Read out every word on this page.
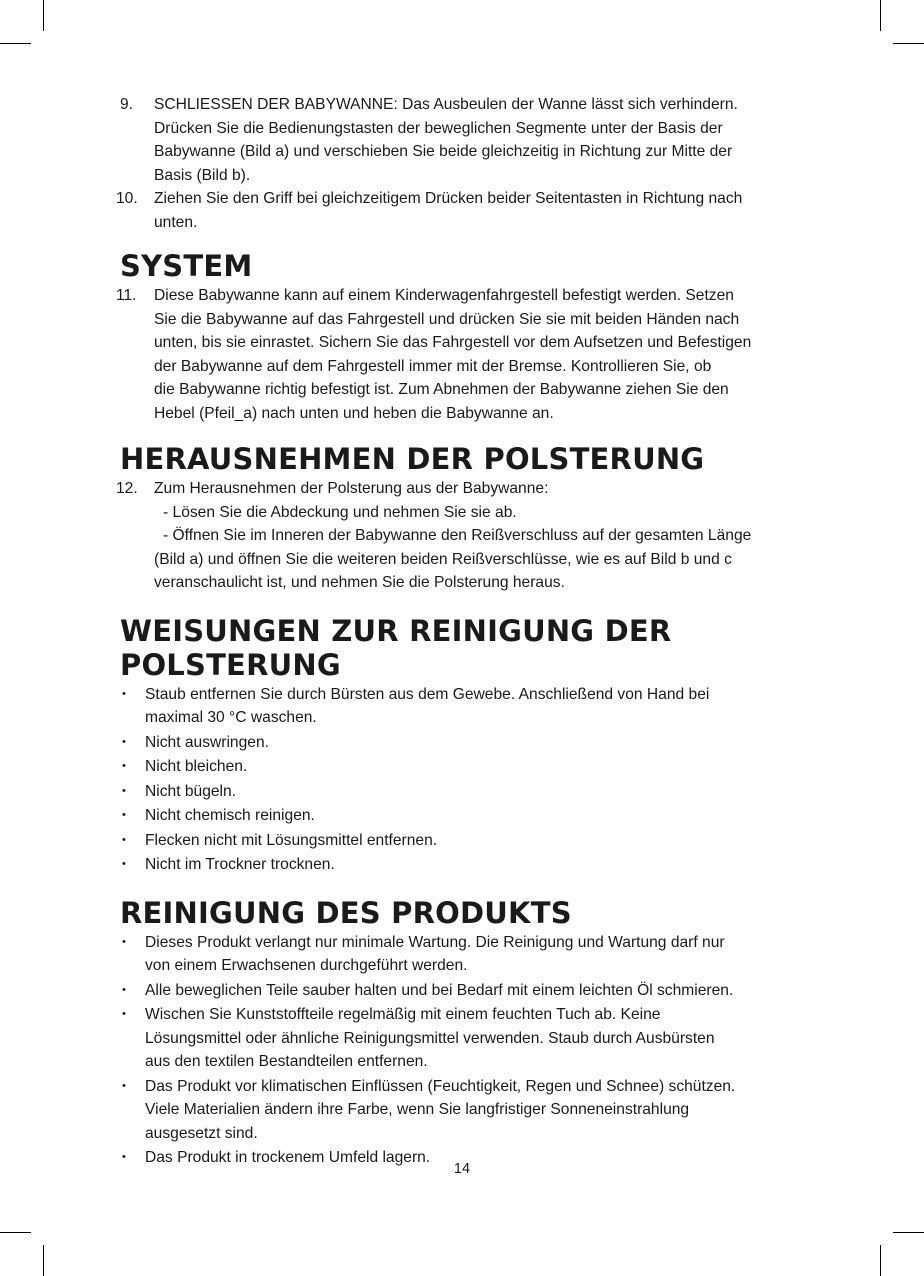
9. SCHLIESSEN DER BABYWANNE: Das Ausbeulen der Wanne lässt sich verhindern.

Drücken Sie die Bedienungstasten der beweglichen Segmente unter der Basis der

Babywanne (Bild a) und verschieben Sie beide gleichzeitig in Richtung zur Mitte der

Basis (Bild b).

10. Ziehen Sie den Griff bei gleichzeitigem Drücken beider Seitentasten in Richtung nach

unten.

SYSTEM
11. Diese Babywanne kann auf einem Kinderwagenfahrgestell befestigt werden. Setzen

Sie die Babywanne auf das Fahrgestell und drücken Sie sie mit beiden Händen nach

unten, bis sie einrastet. Sichern Sie das Fahrgestell vor dem Aufsetzen und Befestigen

der Babywanne auf dem Fahrgestell immer mit der Bremse. Kontrollieren Sie, ob

die Babywanne richtig befestigt ist. Zum Abnehmen der Babywanne ziehen Sie den

Hebel (Pfeil_a) nach unten und heben die Babywanne an.

HERAUSNEHMEN DER POLSTERUNG
12. Zum Herausnehmen der Polsterung aus der Babywanne:

- Lösen Sie die Abdeckung und nehmen Sie sie ab.

- Öffnen Sie im Inneren der Babywanne den Reißverschluss auf der gesamten Länge

(Bild a) und öffnen Sie die weiteren beiden Reißverschlüsse, wie es auf Bild b und c

veranschaulicht ist, und nehmen Sie die Polsterung heraus.

WEISUNGEN ZUR REINIGUNG DER POLSTERUNG
• Staub entfernen Sie durch Bürsten aus dem Gewebe. Anschließend von Hand bei
maximal 30 °C waschen.
• Nicht auswringen.
• Nicht bleichen.
• Nicht bügeln.
• Nicht chemisch reinigen.
• Flecken nicht mit Lösungsmittel entfernen.
• Nicht im Trockner trocknen.
REINIGUNG DES PRODUKTS
• Dieses Produkt verlangt nur minimale Wartung. Die Reinigung und Wartung darf nur
von einem Erwachsenen durchgeführt werden.
• Alle beweglichen Teile sauber halten und bei Bedarf mit einem leichten Öl schmieren.
• Wischen Sie Kunststoffteile regelmäßig mit einem feuchten Tuch ab. Keine
Lösungsmittel oder ähnliche Reinigungsmittel verwenden. Staub durch Ausbürsten
aus den textilen Bestandteilen entfernen.
• Das Produkt vor klimatischen Einflüssen (Feuchtigkeit, Regen und Schnee) schützen.
Viele Materialien ändern ihre Farbe, wenn Sie langfristiger Sonneneinstrahlung
ausgesetzt sind.
• Das Produkt in trockenem Umfeld lagern.
14
